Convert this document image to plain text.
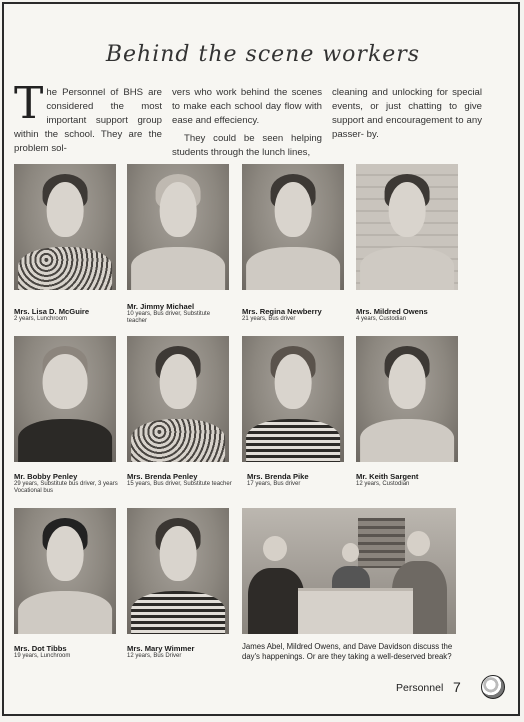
Behind the scene workers
T he Personnel of BHS are considered the most important support group within the school. They are the problem sol-

vers who work behind the scenes to make each school day flow with ease and effeciency.

They could be seen helping students through the lunch lines,

cleaning and unlocking for special events, or just chatting to give support and encouragement to any passer- by.

Mrs. Lisa D. McGuire
2 years, Lunchroom
Mr. Jimmy Michael
10 years, Bus driver, Substitute teacher
Mrs. Regina Newberry
21 years, Bus driver
Mrs. Mildred Owens
4 years, Custodian
Mr. Bobby Penley
29 years, Substitute bus driver, 3 years Vocational bus
Mrs. Brenda Penley
15 years, Bus driver, Substitute teacher
Mrs. Brenda Pike
17 years, Bus driver
Mr. Keith Sargent
12 years, Custodian
Mrs. Dot Tibbs
19 years, Lunchroom
Mrs. Mary Wimmer
12 years, Bus Driver
James Abel, Mildred Owens, and Dave Davidson discuss the day's happenings. Or are they taking a well-deserved break?
Personnel 7
